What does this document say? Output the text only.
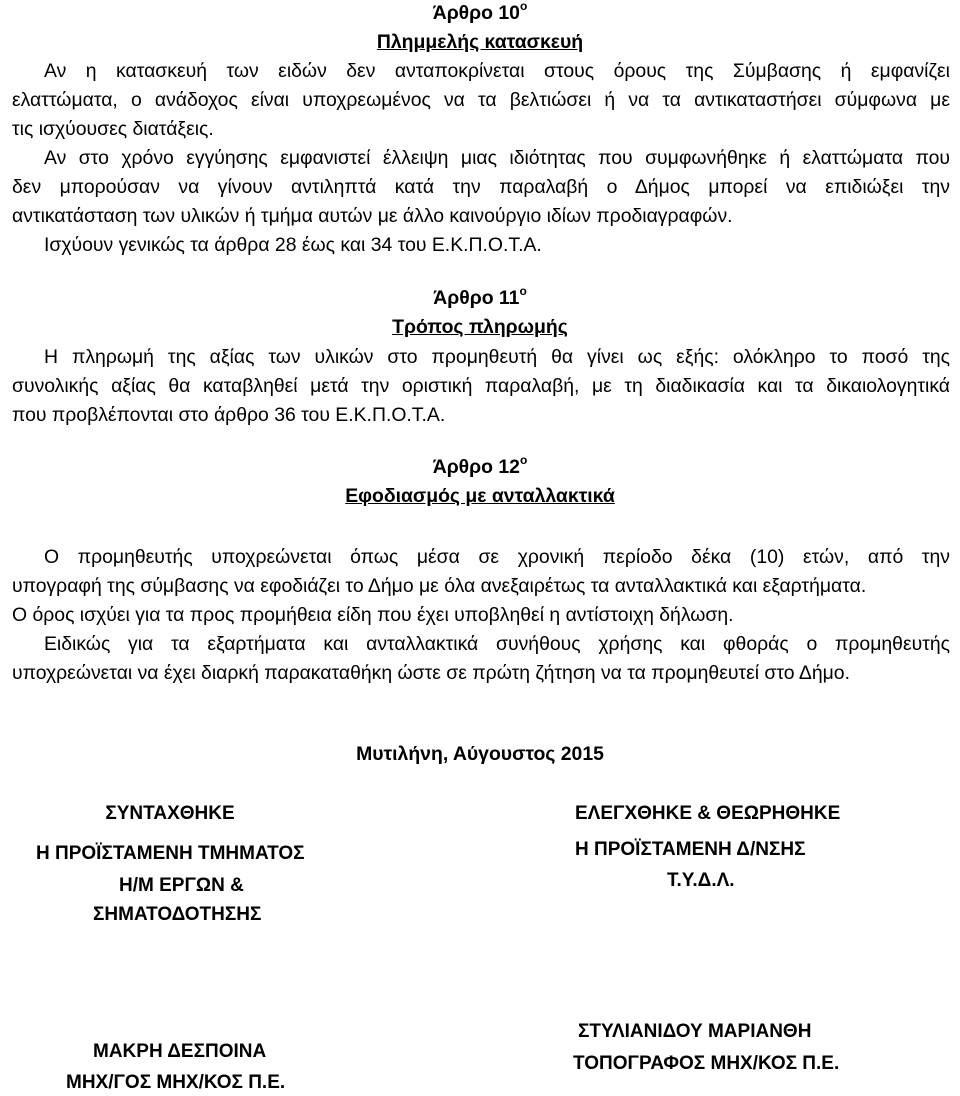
Άρθρο $10^o$
Πλημμελής κατασκευή
Αν η κατασκευή των ειδών δεν ανταποκρίνεται στους όρους της Σύμβασης ή εμφανίζει
ελαττώματα, ο ανάδοχος είναι υποχρεωμένος να τα βελτιώσει ή να τα αντικαταστήσει σύμφωνα με
τις ισχύουσες διατάξεις.
Αν στο χρόνο εγγύησης εμφανιστεί έλλειψη μιας ιδιότητας που συμφωνήθηκε ή ελαττώματα που
δεν μπορούσαν να γίνουν αντιληπτά κατά την παραλαβή ο Δήμος μπορεί να επιδιώξει την
αντικατάσταση των υλικών ή τμήμα αυτών με άλλο καινούργιο ιδίων προδιαγραφών.
Ισχύουν γενικώς τα άρθρα 28 έως και 34 του Ε.Κ.Π.Ο.Τ.Α.
Άρθρο $11^o$
Τρόπος πληρωμής
Η πληρωμή της αξίας των υλικών στο προμηθευτή θα γίνει ως εξής: ολόκληρο το ποσό της
συνολικής αξίας θα καταβληθεί μετά την οριστική παραλαβή, με τη διαδικασία και τα δικαιολογητικά
που προβλέπονται στο άρθρο 36 του Ε.Κ.Π.Ο.Τ.Α.
Άρθρο $12^o$
Εφοδιασμός με ανταλλακτικά
Ο προμηθευτής υποχρεώνεται όπως μέσα σε χρονική περίοδο δέκα (10) ετών, από την
υπογραφή της σύμβασης να εφοδιάζει το Δήμο με όλα ανεξαιρέτως τα ανταλλακτικά και εξαρτήματα.
Ο όρος ισχύει για τα προς προμήθεια είδη που έχει υποβληθεί η αντίστοιχη δήλωση.
Ειδικώς για τα εξαρτήματα και ανταλλακτικά συνήθους χρήσης και φθοράς ο προμηθευτής
υποχρεώνεται να έχει διαρκή παρακαταθήκη ώστε σε πρώτη ζήτηση να τα προμηθευτεί στο Δήμο.
Μυτιλήνη, Αύγουστος 2015
ΣΥΝΤΑΧΘΗΚΕ
Η ΠΡΟΪΣΤΑΜΕΝΗ ΤΜΗΜΑΤΟΣ
Η/Μ ΕΡΓΩΝ &
ΣΗΜΑΤΟΔΟΤΗΣΗΣ
ΜΑΚΡΗ ΔΕΣΠΟΙΝΑ
ΜΗΧ/ΓΟΣ ΜΗΧ/ΚΟΣ Π.Ε.
ΕΛΕΓΧΘΗΚΕ & ΘΕΩΡΗΘΗΚΕ
Η ΠΡΟΪΣΤΑΜΕΝΗ Δ/ΝΣΗΣ
Τ.Υ.Δ.Λ.
ΣΤΥΛΙΑΝΙΔΟΥ ΜΑΡΙΑΝΘΗ
ΤΟΠΟΓΡΑΦΟΣ ΜΗΧ/ΚΟΣ Π.Ε.
